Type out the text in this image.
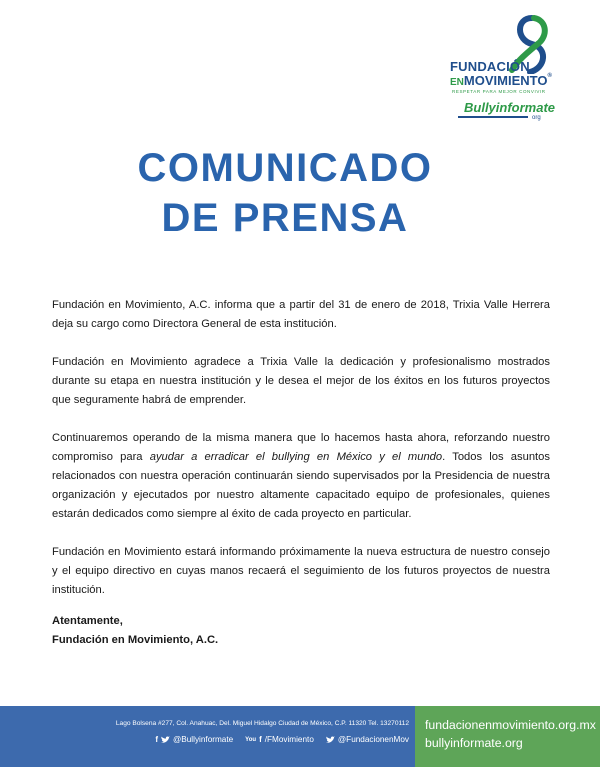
FUNDACIÓN
ENMOVIMIENTO®
RESPETAR PARA MEJOR CONVIVIR
Bullyinformate
org
COMUNICADO
DE PRENSA

Fundación en Movimiento, A.C. informa que a partir del 31 de enero de 2018, Trixia Valle Herrera deja su cargo como Directora General de esta institución.

Fundación en Movimiento agradece a Trixia Valle la dedicación y profesionalismo mostrados durante su etapa en nuestra institución y le desea el mejor de los éxitos en los futuros proyectos que seguramente habrá de emprender.

Continuaremos operando de la misma manera que lo hacemos hasta ahora, reforzando nuestro compromiso para ayudar a erradicar el bullying en México y el mundo. Todos los asuntos relacionados con nuestra operación continuarán siendo supervisados por la Presidencia de nuestra organización y ejecutados por nuestro altamente capacitado equipo de profesionales, quienes estarán dedicados como siempre al éxito de cada proyecto en particular.

Fundación en Movimiento estará informando próximamente la nueva estructura de nuestro consejo y el equipo directivo en cuyas manos recaerá el seguimiento de los futuros proyectos de nuestra institución.

Atentamente,
Fundación en Movimiento, A.C.
Lago Bolsena #277, Col. Anahuac, Del. Miguel Hidalgo Ciudad de México, C.P. 11320 Tel. 13270112
f @Bullyinformate You f /FMovimiento	@FundacionenMov
fundacionenmovimiento.org.mx
bullyinformate.org
